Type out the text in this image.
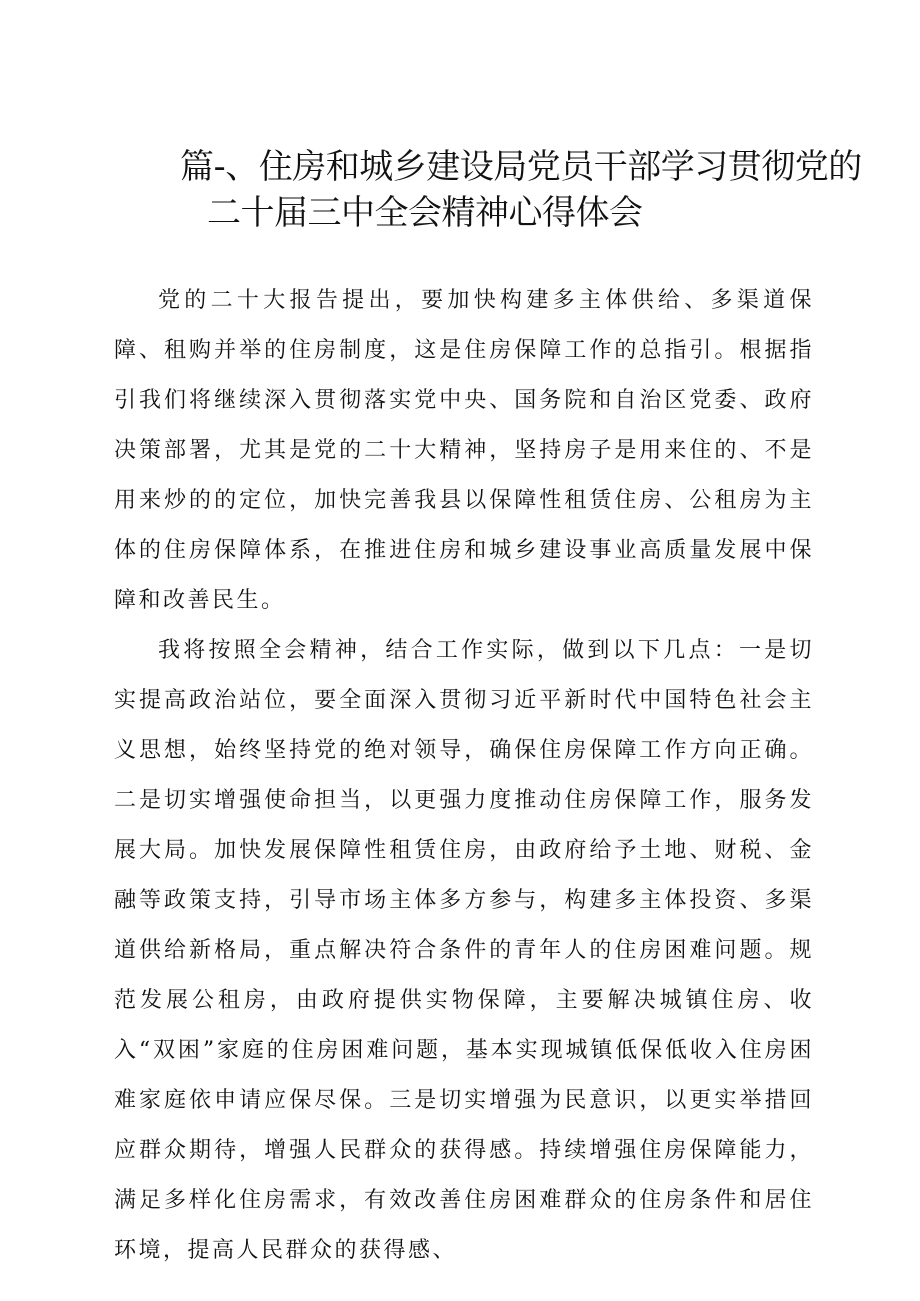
篇-、住房和城乡建设局党员干部学习贯彻党的
二十届三中全会精神心得体会

党的二十大报告提出，要加快构建多主体供给、多渠道保障、租购并举的住房制度，这是住房保障工作的总指引。根据指引我们将继续深入贯彻落实党中央、国务院和自治区党委、政府决策部署，尤其是党的二十大精神，坚持房子是用来住的、不是用来炒的的定位，加快完善我县以保障性租赁住房、公租房为主体的住房保障体系，在推进住房和城乡建设事业高质量发展中保障和改善民生。

我将按照全会精神，结合工作实际，做到以下几点：一是切实提高政治站位，要全面深入贯彻习近平新时代中国特色社会主义思想，始终坚持党的绝对领导，确保住房保障工作方向正确。二是切实增强使命担当，以更强力度推动住房保障工作，服务发展大局。加快发展保障性租赁住房，由政府给予土地、财税、金融等政策支持，引导市场主体多方参与，构建多主体投资、多渠道供给新格局，重点解决符合条件的青年人的住房困难问题。规范发展公租房，由政府提供实物保障，主要解决城镇住房、收入“双困”家庭的住房困难问题，基本实现城镇低保低收入住房困难家庭依申请应保尽保。三是切实增强为民意识，以更实举措回应群众期待，增强人民群众的获得感。持续增强住房保障能力，满足多样化住房需求，有效改善住房困难群众的住房条件和居住环境，提高人民群众的获得感、
